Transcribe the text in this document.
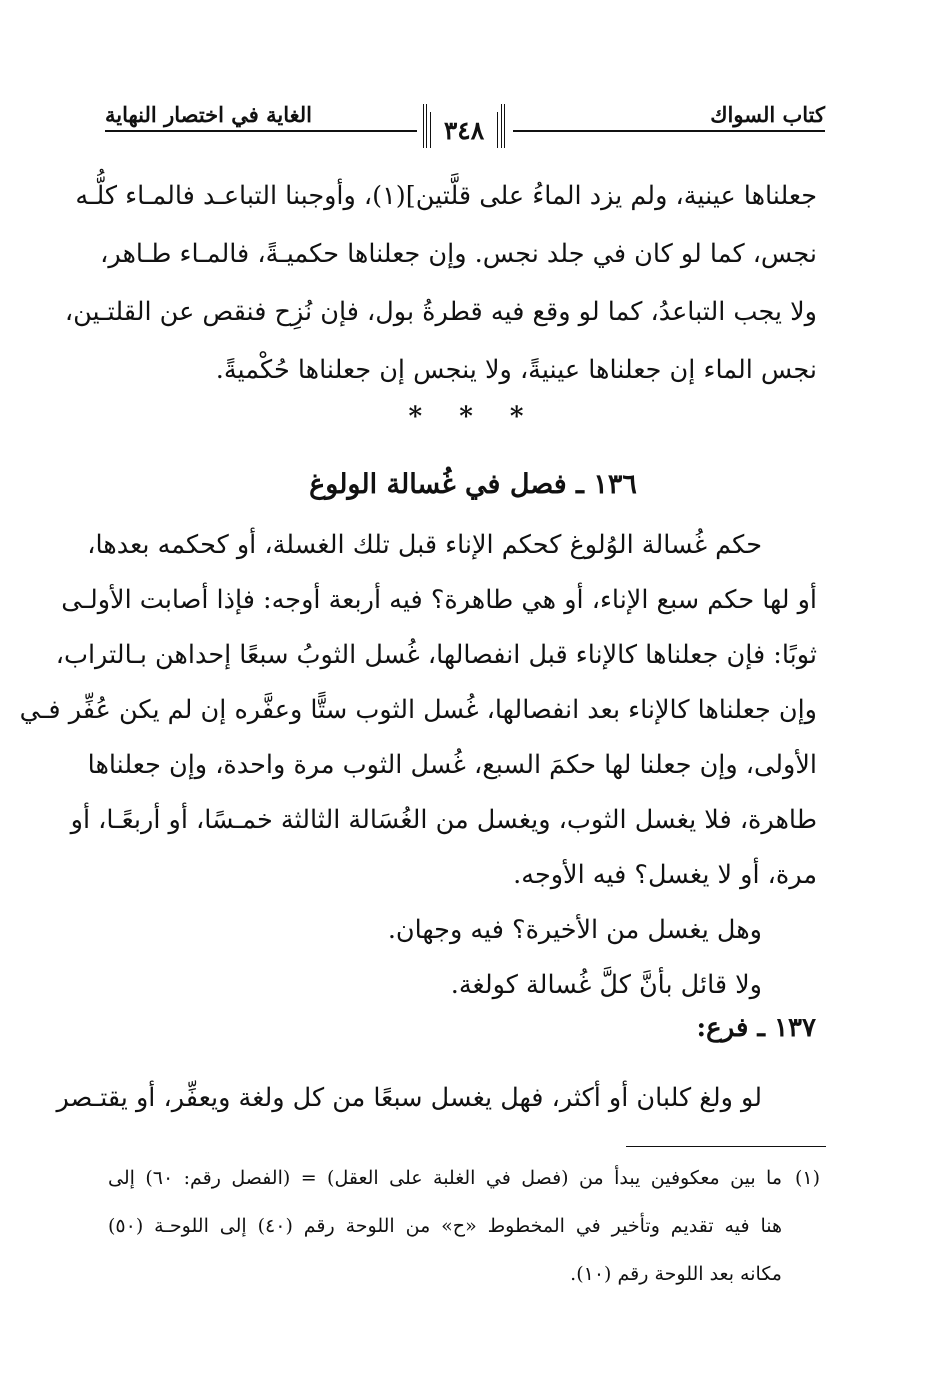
كتاب السواك
الغاية في اختصار النهاية
٣٤٨
جعلناها عينية، ولم يزد الماءُ على قلَّتين](١)، وأوجبنا التباعـد فالمـاء كلُّـه
نجس، كما لو كان في جلد نجس. وإن جعلناها حكميـةً، فالمـاء طـاهر،
ولا يجب التباعدُ، كما لو وقع فيه قطرةُ بول، فإن نُزِح فنقص عن القلتـين،
نجس الماء إن جعلناها عينيةً، ولا ينجس إن جعلناها حُكْميةً.
* * *
١٣٦ ـ فصل في غُسالة الولوغ
حكم غُسالة الوُلوغ كحكم الإناء قبل تلك الغسلة، أو كحكمه بعدها،
أو لها حكم سبع الإناء، أو هي طاهرة؟ فيه أربعة أوجه: فإذا أصابت الأولـى
ثوبًا: فإن جعلناها كالإناء قبل انفصالها، غُسل الثوبُ سبعًا إحداهن بـالتراب،
وإن جعلناها كالإناء بعد انفصالها، غُسل الثوب ستًّا وعفَّره إن لم يكن عُفِّر فـي
الأولى، وإن جعلنا لها حكمَ السبع، غُسل الثوب مرة واحدة، وإن جعلناها
طاهرة، فلا يغسل الثوب، ويغسل من الغُسَالة الثالثة خمـسًا، أو أربعًـا، أو
مرة، أو لا يغسل؟ فيه الأوجه.
وهل يغسل من الأخيرة؟ فيه وجهان.
ولا قائل بأنَّ كلَّ غُسالة كولغة.
١٣٧ ـ فرع:
لو ولغ كلبان أو أكثر، فهل يغسل سبعًا من كل ولغة ويعفِّر، أو يقتـصر
(١)
ما بين معكوفين يبدأ من (فصل في الغلبة على العقل) = (الفصل رقم: ٦٠) إلى
هنا فيه تقديم وتأخير في المخطوط «ح» من اللوحة رقم (٤٠) إلى اللوحـة (٥٠)
مكانه بعد اللوحة رقم (١٠).
